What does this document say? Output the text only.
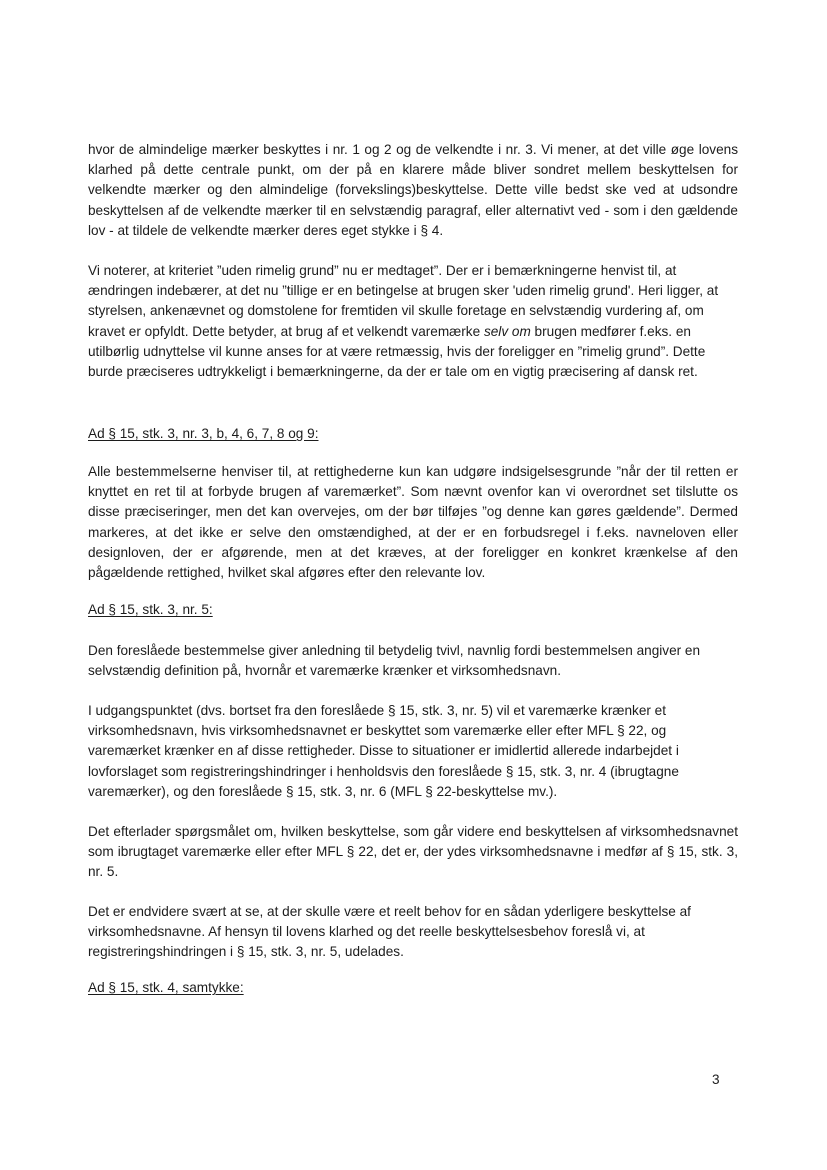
hvor de almindelige mærker beskyttes i nr. 1 og 2 og de velkendte i nr. 3. Vi mener, at det ville øge lovens klarhed på dette centrale punkt, om der på en klarere måde bliver sondret mellem beskyttelsen for velkendte mærker og den almindelige (forvekslings)beskyttelse. Dette ville bedst ske ved at udsondre beskyttelsen af de velkendte mærker til en selvstændig paragraf, eller alternativt ved - som i den gældende lov - at tildele de velkendte mærker deres eget stykke i § 4.

Vi noterer, at kriteriet ”uden rimelig grund” nu er medtaget”. Der er i bemærkningerne henvist til, at ændringen indebærer, at det nu ”tillige er en betingelse at brugen sker 'uden rimelig grund'. Heri ligger, at styrelsen, ankenævnet og domstolene for fremtiden vil skulle foretage en selvstændig vurdering af, om kravet er opfyldt. Dette betyder, at brug af et velkendt varemærke selv om brugen medfører f.eks. en utilbørlig udnyttelse vil kunne anses for at være retmæssig, hvis der foreligger en ”rimelig grund”. Dette burde præciseres udtrykkeligt i bemærkningerne, da der er tale om en vigtig præcisering af dansk ret.

Ad § 15, stk. 3, nr. 3, b, 4, 6, 7, 8 og 9:

Alle bestemmelserne henviser til, at rettighederne kun kan udgøre indsigelsesgrunde ”når der til retten er knyttet en ret til at forbyde brugen af varemærket”. Som nævnt ovenfor kan vi overordnet set tilslutte os disse præciseringer, men det kan overvejes, om der bør tilføjes ”og denne kan gøres gældende”. Dermed markeres, at det ikke er selve den omstændighed, at der er en forbudsregel i f.eks. navneloven eller designloven, der er afgørende, men at det kræves, at der foreligger en konkret krænkelse af den pågældende rettighed, hvilket skal afgøres efter den relevante lov.

Ad § 15, stk. 3, nr. 5:

Den foreslåede bestemmelse giver anledning til betydelig tvivl, navnlig fordi bestemmelsen angiver en selvstændig definition på, hvornår et varemærke krænker et virksomhedsnavn.

I udgangspunktet (dvs. bortset fra den foreslåede § 15, stk. 3, nr. 5) vil et varemærke krænker et virksomhedsnavn, hvis virksomhedsnavnet er beskyttet som varemærke eller efter MFL § 22, og varemærket krænker en af disse rettigheder. Disse to situationer er imidlertid allerede indarbejdet i lovforslaget som registreringshindringer i henholdsvis den foreslåede § 15, stk. 3, nr. 4 (ibrugtagne varemærker), og den foreslåede § 15, stk. 3, nr. 6 (MFL § 22-beskyttelse mv.).

Det efterlader spørgsmålet om, hvilken beskyttelse, som går videre end beskyttelsen af virksomhedsnavnet som ibrugtaget varemærke eller efter MFL § 22, det er, der ydes virksomhedsnavne i medfør af § 15, stk. 3, nr. 5.

Det er endvidere svært at se, at der skulle være et reelt behov for en sådan yderligere beskyttelse af virksomhedsnavne. Af hensyn til lovens klarhed og det reelle beskyttelsesbehov foreslå vi, at registreringshindringen i § 15, stk. 3, nr. 5, udelades.

Ad § 15, stk. 4, samtykke:

3
